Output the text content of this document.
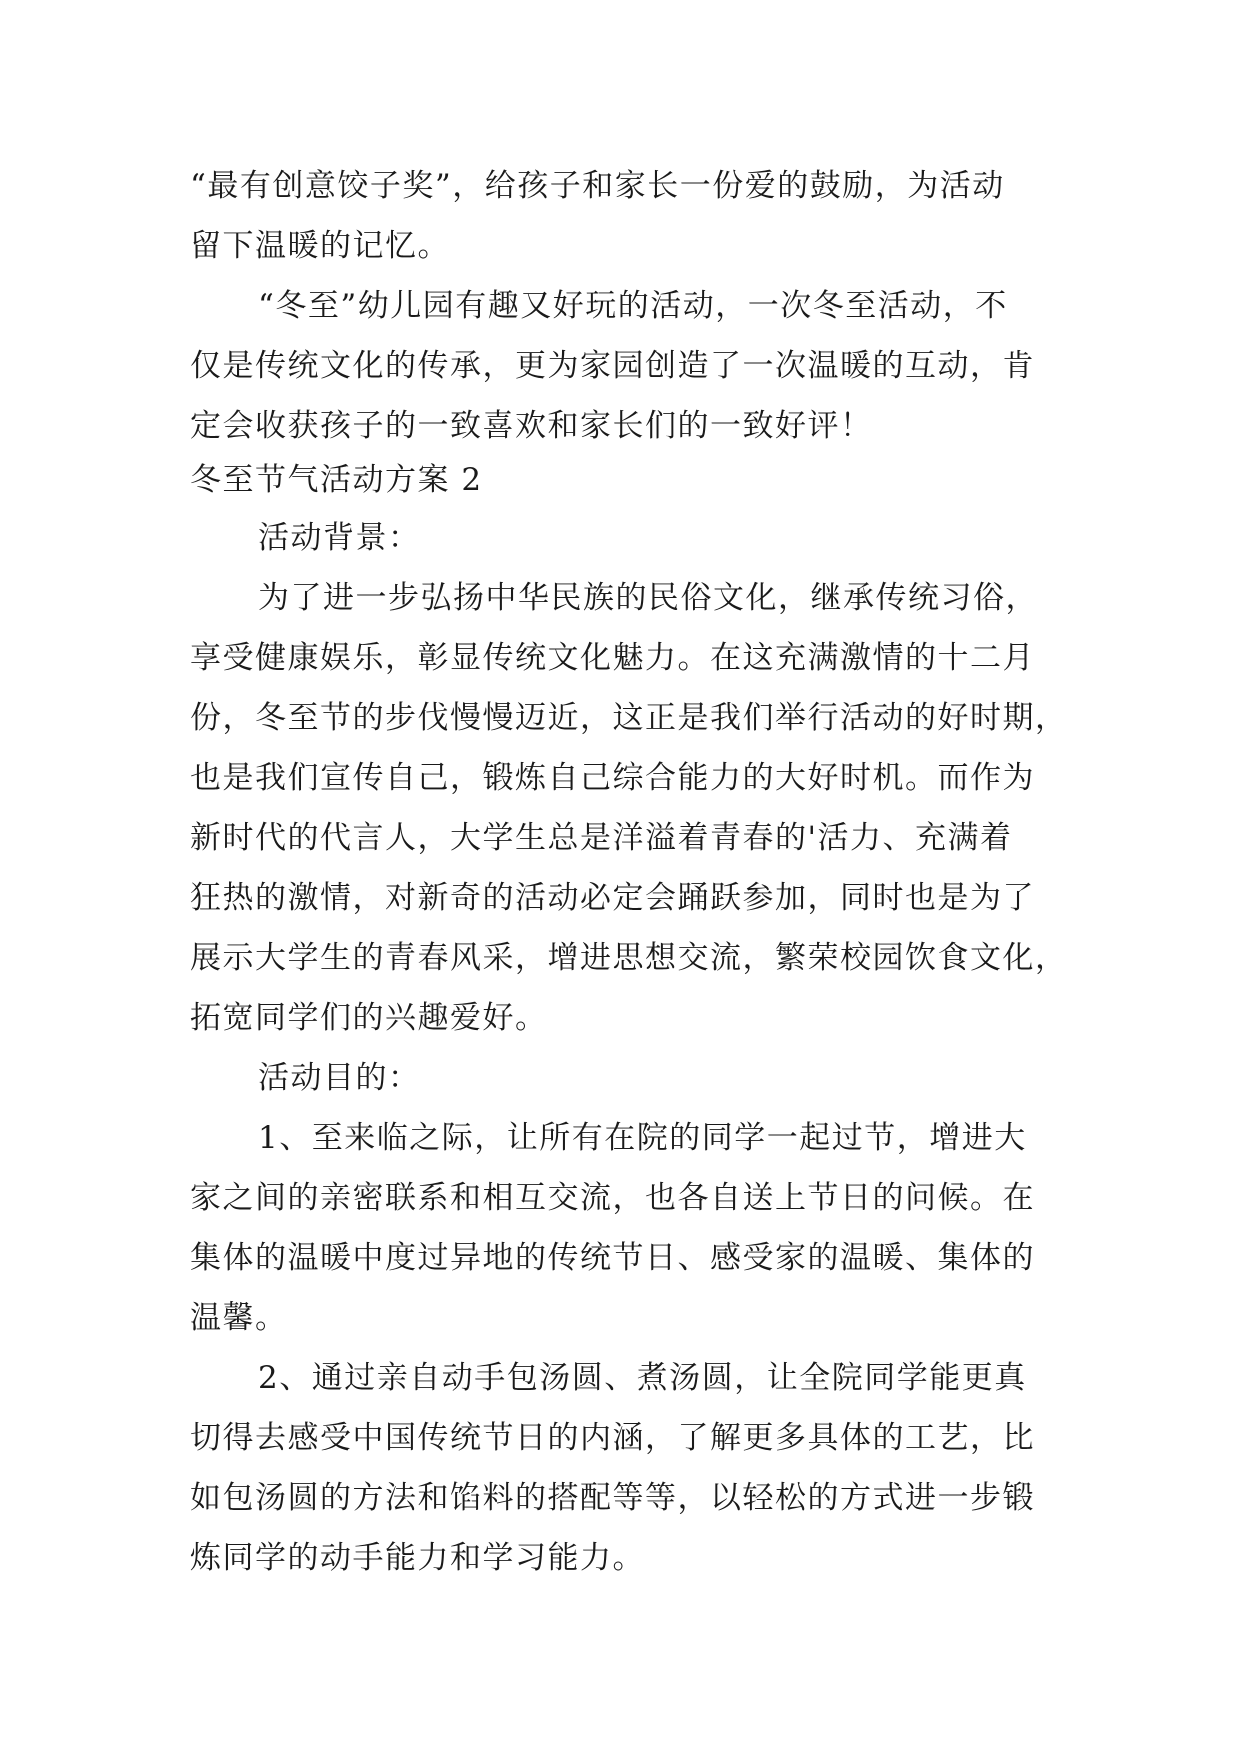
“最有创意饺子奖”，给孩子和家长一份爱的鼓励，为活动
留下温暖的记忆。
“冬至”幼儿园有趣又好玩的活动，一次冬至活动，不
仅是传统文化的传承，更为家园创造了一次温暖的互动，肯
定会收获孩子的一致喜欢和家长们的一致好评！
冬至节气活动方案 2
活动背景：
为了进一步弘扬中华民族的民俗文化，继承传统习俗，
享受健康娱乐，彰显传统文化魅力。在这充满激情的十二月
份，冬至节的步伐慢慢迈近，这正是我们举行活动的好时期，
也是我们宣传自己，锻炼自己综合能力的大好时机。而作为
新时代的代言人，大学生总是洋溢着青春的'活力、充满着
狂热的激情，对新奇的活动必定会踊跃参加，同时也是为了
展示大学生的青春风采，增进思想交流，繁荣校园饮食文化，
拓宽同学们的兴趣爱好。
活动目的：
1、至来临之际，让所有在院的同学一起过节，增进大
家之间的亲密联系和相互交流，也各自送上节日的问候。在
集体的温暖中度过异地的传统节日、感受家的温暖、集体的
温馨。
2、通过亲自动手包汤圆、煮汤圆，让全院同学能更真
切得去感受中国传统节日的内涵，了解更多具体的工艺，比
如包汤圆的方法和馅料的搭配等等，以轻松的方式进一步锻
炼同学的动手能力和学习能力。
